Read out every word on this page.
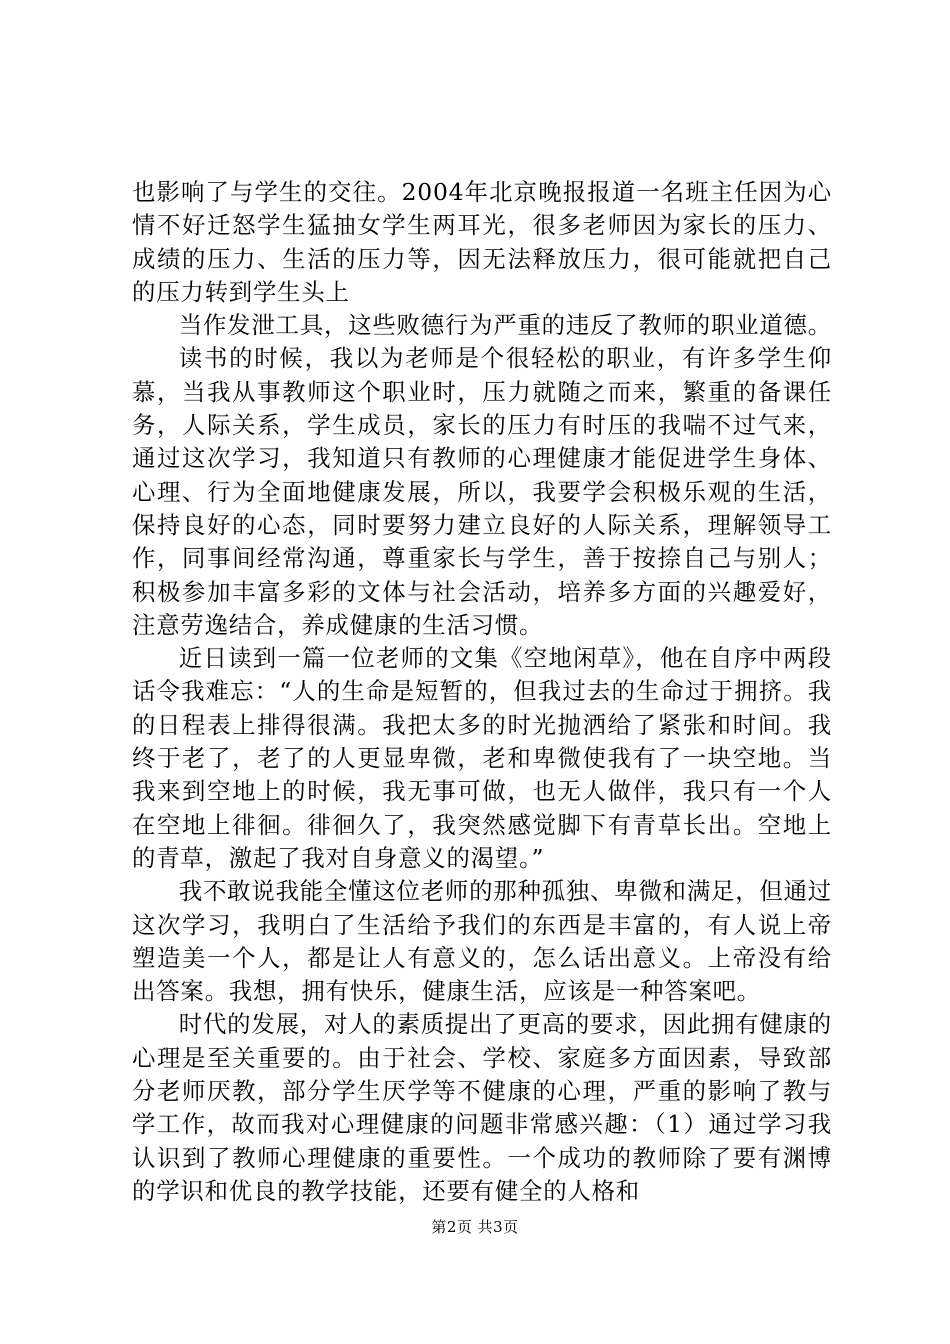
也影响了与学生的交往。2004年北京晚报报道一名班主任因为心情不好迁怒学生猛抽女学生两耳光，很多老师因为家长的压力、成绩的压力、生活的压力等，因无法释放压力，很可能就把自己的压力转到学生头上

当作发泄工具，这些败德行为严重的违反了教师的职业道德。

读书的时候，我以为老师是个很轻松的职业，有许多学生仰慕，当我从事教师这个职业时，压力就随之而来，繁重的备课任务，人际关系，学生成员，家长的压力有时压的我喘不过气来，通过这次学习，我知道只有教师的心理健康才能促进学生身体、心理、行为全面地健康发展，所以，我要学会积极乐观的生活，保持良好的心态，同时要努力建立良好的人际关系，理解领导工作，同事间经常沟通，尊重家长与学生，善于按捺自己与别人；积极参加丰富多彩的文体与社会活动，培养多方面的兴趣爱好，注意劳逸结合，养成健康的生活习惯。

近日读到一篇一位老师的文集《空地闲草》，他在自序中两段话令我难忘：“人的生命是短暂的，但我过去的生命过于拥挤。我的日程表上排得很满。我把太多的时光抛洒给了紧张和时间。我终于老了，老了的人更显卑微，老和卑微使我有了一块空地。当我来到空地上的时候，我无事可做，也无人做伴，我只有一个人在空地上徘徊。徘徊久了，我突然感觉脚下有青草长出。空地上的青草，激起了我对自身意义的渴望。”

我不敢说我能全懂这位老师的那种孤独、卑微和满足，但通过这次学习，我明白了生活给予我们的东西是丰富的，有人说上帝塑造美一个人，都是让人有意义的，怎么话出意义。上帝没有给出答案。我想，拥有快乐，健康生活，应该是一种答案吧。

时代的发展，对人的素质提出了更高的要求，因此拥有健康的心理是至关重要的。由于社会、学校、家庭多方面因素，导致部分老师厌教，部分学生厌学等不健康的心理，严重的影响了教与学工作，故而我对心理健康的问题非常感兴趣：（1）通过学习我认识到了教师心理健康的重要性。一个成功的教师除了要有渊博的学识和优良的教学技能，还要有健全的人格和

第2页 共3页
